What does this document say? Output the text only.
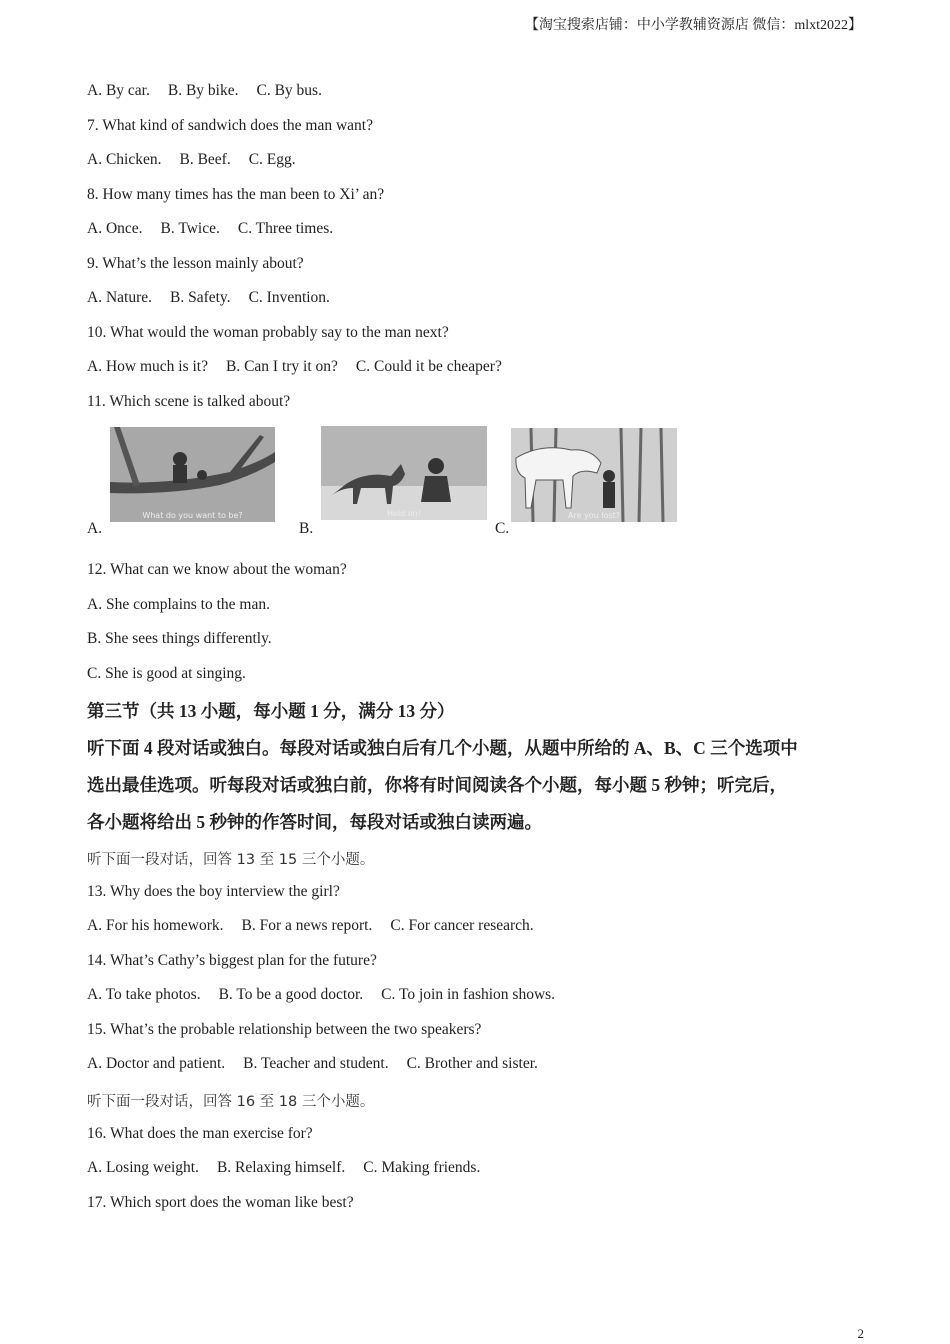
【淘宝搜索店铺：中小学教辅资源店 微信：mlxt2022】
A. By car. B. By bike. C. By bus.
7. What kind of sandwich does the man want?
A. Chicken. B. Beef. C. Egg.
8. How many times has the man been to Xi’ an?
A. Once. B. Twice. C. Three times.
9. What’s the lesson mainly about?
A. Nature. B. Safety. C. Invention.
10. What would the woman probably say to the man next?
A. How much is it? B. Can I try it on? C. Could it be cheaper?
11. Which scene is talked about?
A.
What do you want to be?
B.
Hold on!
C.
Are you lost?
12. What can we know about the woman?
A. She complains to the man.
B. She sees things differently.
C. She is good at singing.
第三节（共 13 小题，每小题 1 分，满分 13 分）
听下面 4 段对话或独白。每段对话或独白后有几个小题，从题中所给的 A、B、C 三个选项中
选出最佳选项。听每段对话或独白前，你将有时间阅读各个小题，每小题 5 秒钟；听完后，
各小题将给出 5 秒钟的作答时间，每段对话或独白读两遍。
听下面一段对话，回答 13 至 15 三个小题。
13. Why does the boy interview the girl?
A. For his homework. B. For a news report. C. For cancer research.
14. What’s Cathy’s biggest plan for the future?
A. To take photos. B. To be a good doctor. C. To join in fashion shows.
15. What’s the probable relationship between the two speakers?
A. Doctor and patient. B. Teacher and student. C. Brother and sister.
听下面一段对话，回答 16 至 18 三个小题。
16. What does the man exercise for?
A. Losing weight. B. Relaxing himself. C. Making friends.
17. Which sport does the woman like best?
2
